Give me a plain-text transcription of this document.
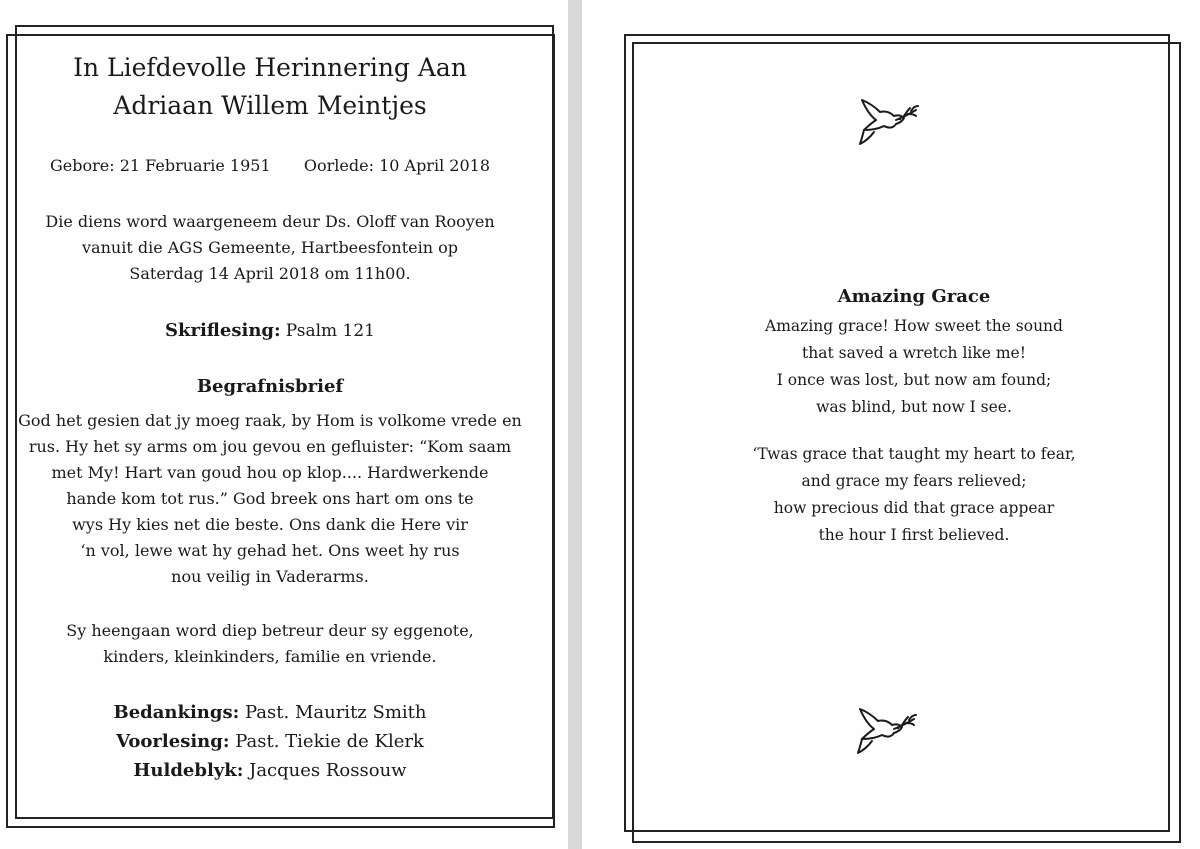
In Liefdevolle Herinnering Aan
Adriaan Willem Meintjes
Gebore: 21 Februarie 1951 Oorlede: 10 April 2018
Die diens word waargeneem deur Ds. Oloff van Rooyen
vanuit die AGS Gemeente, Hartbeesfontein op
Saterdag 14 April 2018 om 11h00.
Skriflesing: Psalm 121
Begrafnisbrief
God het gesien dat jy moeg raak, by Hom is volkome vrede en
rus. Hy het sy arms om jou gevou en gefluister: “Kom saam
met My! Hart van goud hou op klop.... Hardwerkende
hande kom tot rus.” God breek ons hart om ons te
wys Hy kies net die beste. Ons dank die Here vir
‘n vol, lewe wat hy gehad het. Ons weet hy rus
nou veilig in Vaderarms.
Sy heengaan word diep betreur deur sy eggenote,
kinders, kleinkinders, familie en vriende.
Bedankings: Past. Mauritz Smith
Voorlesing: Past. Tiekie de Klerk
Huldeblyk: Jacques Rossouw
Amazing Grace
Amazing grace! How sweet the sound
that saved a wretch like me!
I once was lost, but now am found;
was blind, but now I see.
‘Twas grace that taught my heart to fear,
and grace my fears relieved;
how precious did that grace appear
the hour I first believed.
